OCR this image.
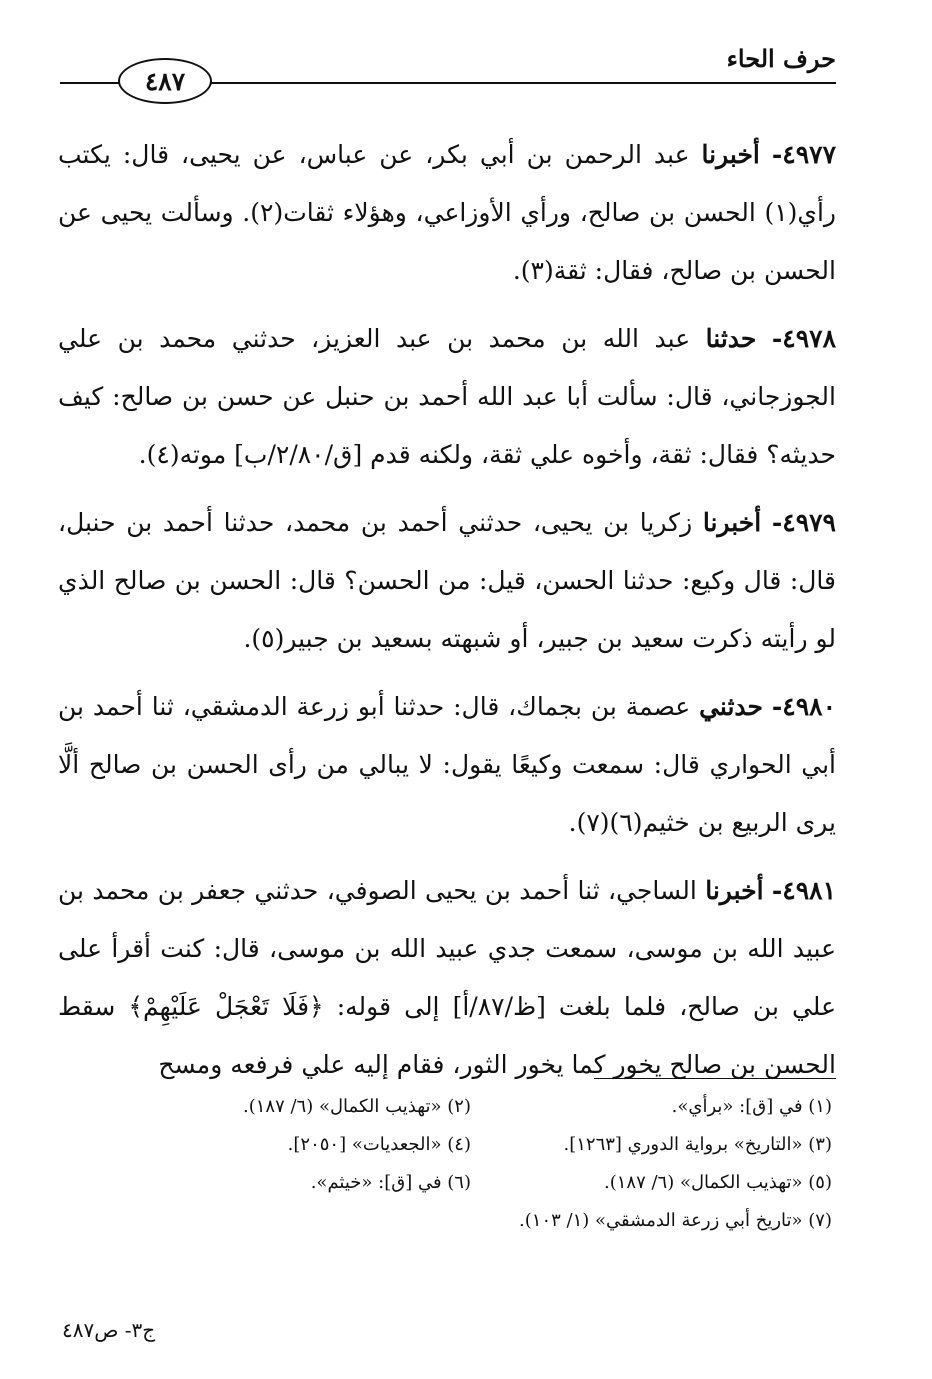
حرف الحاء
٤٨٧

٤٩٧٧- أخبرنا عبد الرحمن بن أبي بكر، عن عباس، عن يحيى، قال: يكتب رأي(١) الحسن بن صالح، ورأي الأوزاعي، وهؤلاء ثقات(٢). وسألت يحيى عن الحسن بن صالح، فقال: ثقة(٣).

٤٩٧٨- حدثنا عبد الله بن محمد بن عبد العزيز، حدثني محمد بن علي الجوزجاني، قال: سألت أبا عبد الله أحمد بن حنبل عن حسن بن صالح: كيف حديثه؟ فقال: ثقة، وأخوه علي ثقة، ولكنه قدم [ق/٢/٨٠/ب] موته(٤).

٤٩٧٩- أخبرنا زكريا بن يحيى، حدثني أحمد بن محمد، حدثنا أحمد بن حنبل، قال: قال وكيع: حدثنا الحسن، قيل: من الحسن؟ قال: الحسن بن صالح الذي لو رأيته ذكرت سعيد بن جبير، أو شبهته بسعيد بن جبير(٥).

٤٩٨٠- حدثني عصمة بن بجماك، قال: حدثنا أبو زرعة الدمشقي، ثنا أحمد بن أبي الحواري قال: سمعت وكيعًا يقول: لا يبالي من رأى الحسن بن صالح ألَّا يرى الربيع بن خثيم(٦)(٧).

٤٩٨١- أخبرنا الساجي، ثنا أحمد بن يحيى الصوفي، حدثني جعفر بن محمد بن عبيد الله بن موسى، سمعت جدي عبيد الله بن موسى، قال: كنت أقرأ على علي بن صالح، فلما بلغت [ظ/٨٧/أ] إلى قوله: ﴿فَلَا تَعْجَلْ عَلَيْهِمْ﴾ سقط الحسن بن صالح يخور كما يخور الثور، فقام إليه علي فرفعه ومسح

(١) في [ق]: «برأي».
(٢) «تهذيب الكمال» (٦/ ١٨٧).
(٣) «التاريخ» برواية الدوري [١٢٦٣].
(٤) «الجعديات» [٢٠٥٠].
(٥) «تهذيب الكمال» (٦/ ١٨٧).
(٦) في [ق]: «خيثم».
(٧) «تاريخ أبي زرعة الدمشقي» (١/ ١٠٣).
ج٣- ص٤٨٧
